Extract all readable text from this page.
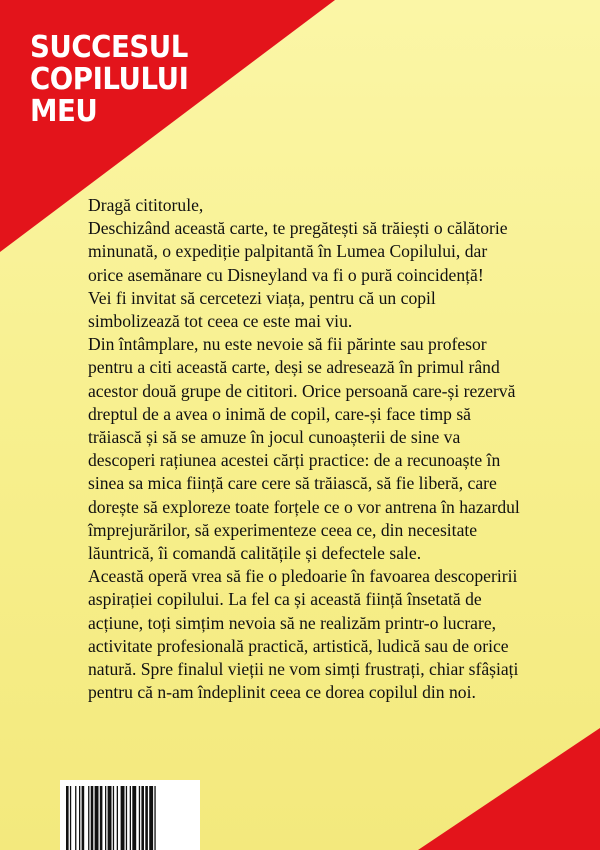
SUCCESUL
COPILULUI
MEU
Dragă cititorule,
Deschizând această carte, te pregătești să trăiești o călătorie
minunată, o expediție palpitantă în Lumea Copilului, dar
orice asemănare cu Disneyland va fi o pură coincidență!
Vei fi invitat să cercetezi viața, pentru că un copil
simbolizează tot ceea ce este mai viu.
Din întâmplare, nu este nevoie să fii părinte sau profesor
pentru a citi această carte, deși se adresează în primul rând
acestor două grupe de cititori. Orice persoană care-și rezervă
dreptul de a avea o inimă de copil, care-și face timp să
trăiască și să se amuze în jocul cunoașterii de sine va
descoperi rațiunea acestei cărți practice: de a recunoaște în
sinea sa mica ființă care cere să trăiască, să fie liberă, care
dorește să exploreze toate forțele ce o vor antrena în hazardul
împrejurărilor, să experimenteze ceea ce, din necesitate
lăuntrică, îi comandă calitățile și defectele sale.
Această operă vrea să fie o pledoarie în favoarea descoperirii
aspirației copilului. La fel ca și această ființă însetată de
acțiune, toți simțim nevoia să ne realizăm printr-o lucrare,
activitate profesională practică, artistică, ludică sau de orice
natură. Spre finalul vieții ne vom simți frustrați, chiar sfâșiați
pentru că n-am îndeplinit ceea ce dorea copilul din noi.
